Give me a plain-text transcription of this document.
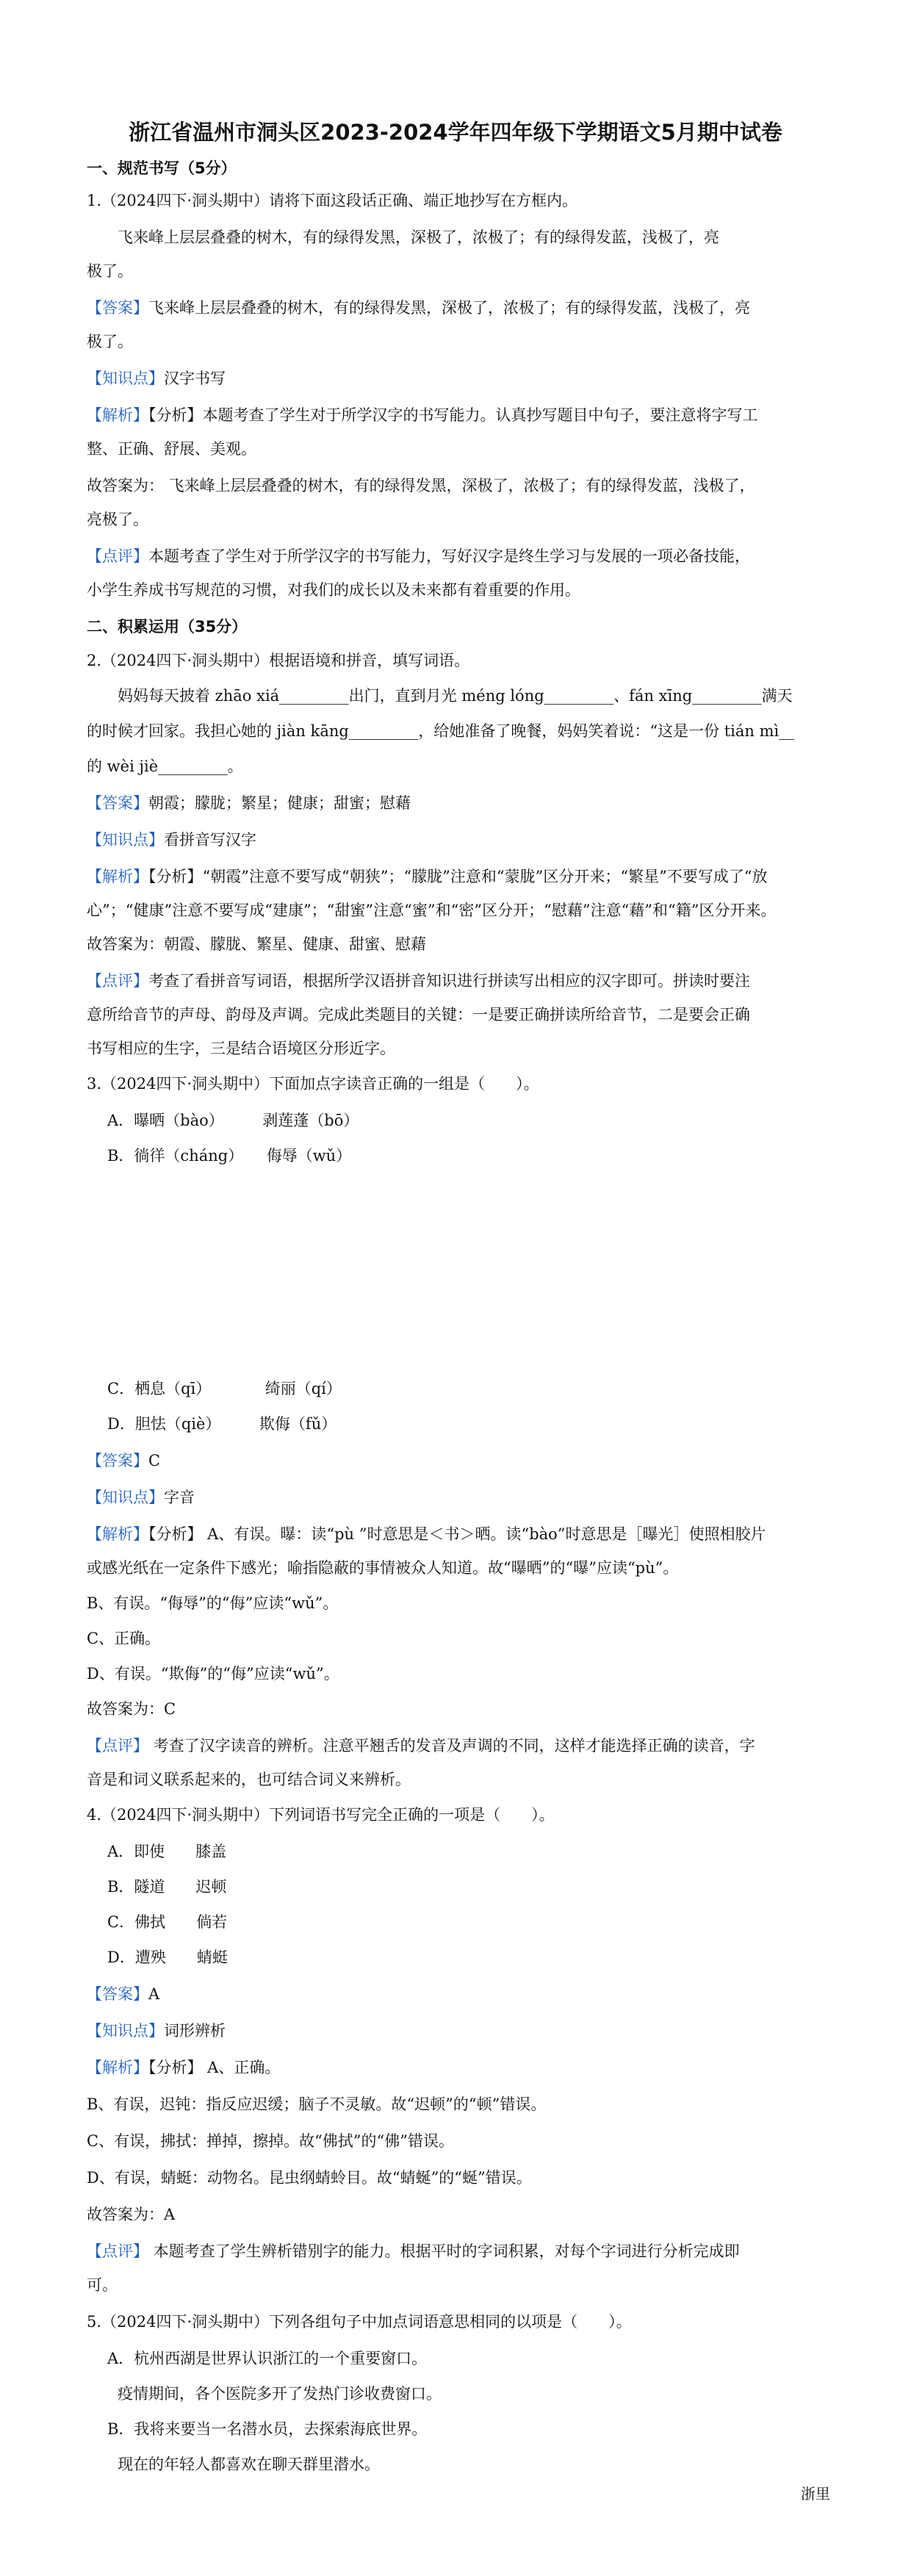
浙江省温州市洞头区2023-2024学年四年级下学期语文5月期中试卷
一、规范书写（5分）
1.（2024四下·洞头期中）请将下面这段话正确、端正地抄写在方框内。
飞来峰上层层叠叠的树木，有的绿得发黑，深极了，浓极了；有的绿得发蓝，浅极了，亮
极了。
【答案】飞来峰上层层叠叠的树木，有的绿得发黑，深极了，浓极了；有的绿得发蓝，浅极了，亮
极了。
【知识点】汉字书写
【解析】【分析】本题考查了学生对于所学汉字的书写能力。认真抄写题目中句子，要注意将字写工
整、正确、舒展、美观。
故答案为： 飞来峰上层层叠叠的树木，有的绿得发黑，深极了，浓极了；有的绿得发蓝，浅极了，
亮极了。
【点评】本题考查了学生对于所学汉字的书写能力，写好汉字是终生学习与发展的一项必备技能，
小学生养成书写规范的习惯，对我们的成长以及未来都有着重要的作用。
二、积累运用（35分）
2.（2024四下·洞头期中）根据语境和拼音，填写词语。
妈妈每天披着 zhāo xiá_________出门，直到月光 méng lóng_________、fán xīng_________满天
的时候才回家。我担心她的 jiàn kāng_________，给她准备了晚餐，妈妈笑着说：“这是一份 tián mì__
的 wèi jiè_________。
【答案】朝霞；朦胧；繁星；健康；甜蜜；慰藉
【知识点】看拼音写汉字
【解析】【分析】“朝霞”注意不要写成“朝狭”；“朦胧”注意和“蒙胧”区分开来；“繁星”不要写成了“放
心”；“健康”注意不要写成“建康”；“甜蜜”注意“蜜”和“密”区分开；“慰藉”注意“藉”和“籍”区分开来。
故答案为：朝霞、朦胧、繁星、健康、甜蜜、慰藉
【点评】考查了看拼音写词语，根据所学汉语拼音知识进行拼读写出相应的汉字即可。拼读时要注
意所给音节的声母、韵母及声调。完成此类题目的关键：一是要正确拼读所给音节，二是要会正确
书写相应的生字，三是结合语境区分形近字。
3.（2024四下·洞头期中）下面加点字读音正确的一组是（　　）。
A．曝晒（bào）　　　剥莲蓬（bō）
B．徜徉（cháng）　　侮辱（wǔ）
C．栖息（qī）　　　　绮丽（qí）
D．胆怯（qiè）　　　欺侮（fǔ）
【答案】C
【知识点】字音
【解析】【分析】 A、有误。曝：读“pù ”时意思是＜书＞晒。读“bào”时意思是［曝光］使照相胶片
或感光纸在一定条件下感光；喻指隐蔽的事情被众人知道。故“曝晒”的“曝”应读“pù”。
B、有误。“侮辱”的“侮”应读“wǔ”。
C、正确。
D、有误。“欺侮”的“侮”应读“wǔ”。
故答案为：C
【点评】 考查了汉字读音的辨析。注意平翘舌的发音及声调的不同，这样才能选择正确的读音，字
音是和词义联系起来的，也可结合词义来辨析。
4.（2024四下·洞头期中）下列词语书写完全正确的一项是（　　）。
A．即使　　膝盖
B．隧道　　迟顿
C．佛拭　　倘若
D．遭殃　　蜻蜓
【答案】A
【知识点】词形辨析
【解析】【分析】 A、正确。
B、有误，迟钝：指反应迟缓；脑子不灵敏。故“迟顿”的“顿”错误。
C、有误，拂拭：掸掉，擦掉。故“佛拭”的“佛”错误。
D、有误，蜻蜓：动物名。昆虫纲蜻蛉目。故“蜻蜒”的“蜒”错误。
故答案为：A
【点评】 本题考查了学生辨析错别字的能力。根据平时的字词积累，对每个字词进行分析完成即
可。
5.（2024四下·洞头期中）下列各组句子中加点词语意思相同的以项是（　　）。
A．杭州西湖是世界认识浙江的一个重要窗口。
疫情期间，各个医院多开了发热门诊收费窗口。
B．我将来要当一名潜水员，去探索海底世界。
现在的年轻人都喜欢在聊天群里潜水。
浙里
